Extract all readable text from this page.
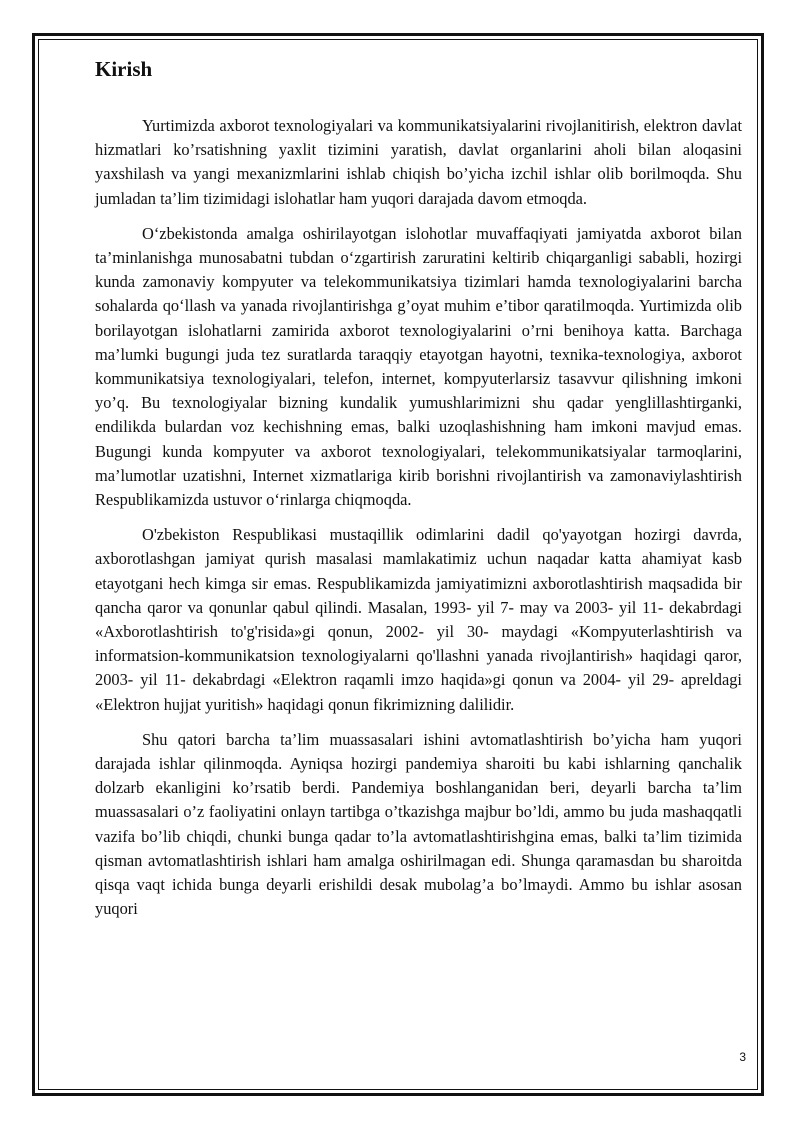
Kirish

Yurtimizda axborot texnologiyalari va kommunikatsiyalarini rivojlanitirish, elektron davlat hizmatlari ko’rsatishning yaxlit tizimini yaratish, davlat organlarini aholi bilan aloqasini yaxshilash va yangi mexanizmlarini ishlab chiqish bo’yicha izchil ishlar olib borilmoqda. Shu jumladan ta’lim tizimidagi islohatlar ham yuqori darajada davom etmoqda.

O‘zbekistonda amalga oshirilayotgan islohotlar muvaffaqiyati jamiyatda axborot bilan ta’minlanishga munosabatni tubdan o‘zgartirish zaruratini keltirib chiqarganligi sababli, hozirgi kunda zamonaviy kompyuter va telekommunikatsiya tizimlari hamda texnologiyalarini barcha sohalarda qo‘llash va yanada rivojlantirishga g’oyat muhim e’tibor qaratilmoqda. Yurtimizda olib borilayotgan islohatlarni zamirida axborot texnologiyalarini o’rni benihoya katta. Barchaga ma’lumki bugungi juda tez suratlarda taraqqiy etayotgan hayotni, texnika-texnologiya, axborot kommunikatsiya texnologiyalari, telefon, internet, kompyuterlarsiz tasavvur qilishning imkoni yo’q. Bu texnologiyalar bizning kundalik yumushlarimizni shu qadar yenglillashtirganki, endilikda bulardan voz kechishning emas, balki uzoqlashishning ham imkoni mavjud emas. Bugungi kunda kompyuter va axborot texnologiyalari, telekommunikatsiyalar tarmoqlarini, ma’lumotlar uzatishni, Internet xizmatlariga kirib borishni rivojlantirish va zamonaviylashtirish Respublikamizda ustuvor o‘rinlarga chiqmoqda.

O'zbekiston Respublikasi mustaqillik odimlarini dadil qo'yayotgan hozirgi davrda, axborotlashgan jamiyat qurish masalasi mamlakatimiz uchun naqadar katta ahamiyat kasb etayotgani hech kimga sir emas. Respublikamizda jamiyatimizni axborotlashtirish maqsadida bir qancha qaror va qonunlar qabul qilindi. Masalan, 1993- yil 7- may va 2003- yil 11- dekabrdagi «Axborotlashtirish to'g'risida»gi qonun, 2002- yil 30- maydagi «Kompyuterlashtirish va informatsion-kommunikatsion texnologiyalarni qo'llashni yanada rivojlantirish» haqidagi qaror, 2003- yil 11- dekabrdagi «Elektron raqamli imzo haqida»gi qonun va 2004- yil 29- apreldagi «Elektron hujjat yuritish» haqidagi qonun fikrimizning dalilidir.

Shu qatori barcha ta’lim muassasalari ishini avtomatlashtirish bo’yicha ham yuqori darajada ishlar qilinmoqda. Ayniqsa hozirgi pandemiya sharoiti bu kabi ishlarning qanchalik dolzarb ekanligini ko’rsatib berdi. Pandemiya boshlanganidan beri, deyarli barcha ta’lim muassasalari o’z faoliyatini onlayn tartibga o’tkazishga majbur bo’ldi, ammo bu juda mashaqqatli vazifa bo’lib chiqdi, chunki bunga qadar to’la avtomatlashtirishgina emas, balki ta’lim tizimida qisman avtomatlashtirish ishlari ham amalga oshirilmagan edi. Shunga qaramasdan bu sharoitda qisqa vaqt ichida bunga deyarli erishildi desak mubolag’a bo’lmaydi. Ammo bu ishlar asosan yuqori

3
